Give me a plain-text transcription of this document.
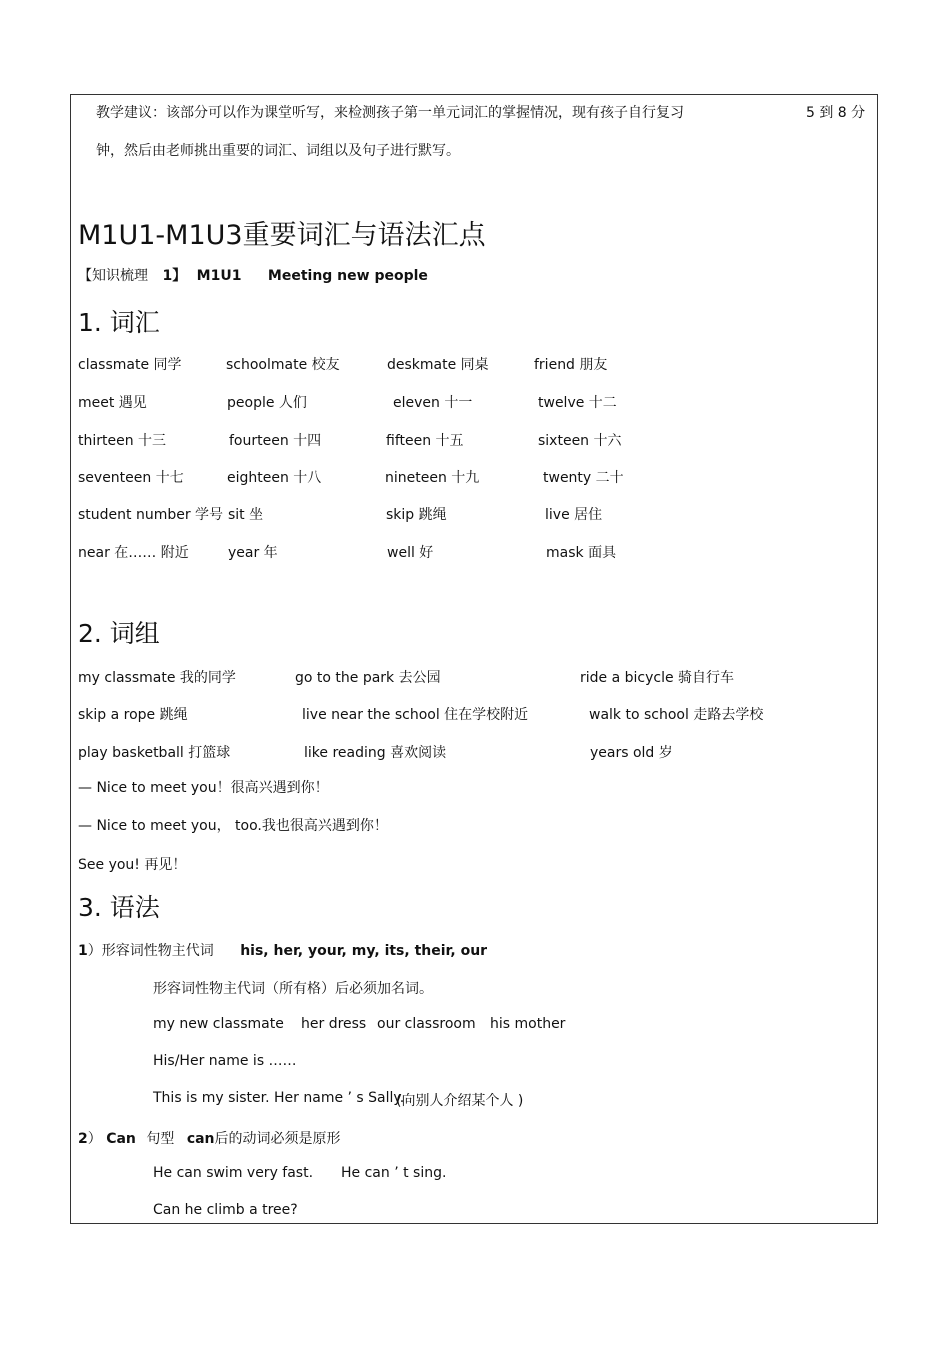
教学建议：该部分可以作为课堂听写，来检测孩子第一单元词汇的掌握情况，现有孩子自行复习	5 到 8 分
钟，然后由老师挑出重要的词汇、词组以及句子进行默写。
M1U1-M1U3重要词汇与语法汇点
【知识梳理 1】 M1U1 Meeting new people
1. 词汇
classmate 同学	schoolmate 校友	deskmate 同桌	friend 朋友
meet 遇见	people 人们	eleven 十一	twelve 十二
thirteen 十三	fourteen 十四	fifteen 十五	sixteen 十六
seventeen 十七	eighteen 十八	nineteen 十九	twenty 二十
student number 学号 sit 坐	skip 跳绳	live 居住
near 在…… 附近	year 年	well 好	mask 面具
2. 词组
my classmate 我的同学	go to the park 去公园	ride a bicycle 骑自行车
skip a rope 跳绳	live near the school 住在学校附近	walk to school 走路去学校
play basketball 打篮球	like reading 喜欢阅读	years old 岁
— Nice to meet you！很高兴遇到你！
— Nice to meet you， too.我也很高兴遇到你！
See you! 再见！
3. 语法
1）形容词性物主代词 his, her, your, my, its, their, our
形容词性物主代词（所有格）后必须加名词。
my new classmate her dress our classroom his mother
His/Her name is ……
This is my sister. Her name ’ s Sally.
(向别人介绍某个人 )
2） Can 句型 can后的动词必须是原形
He can swim very fast. He can ’ t sing.
Can he climb a tree?
